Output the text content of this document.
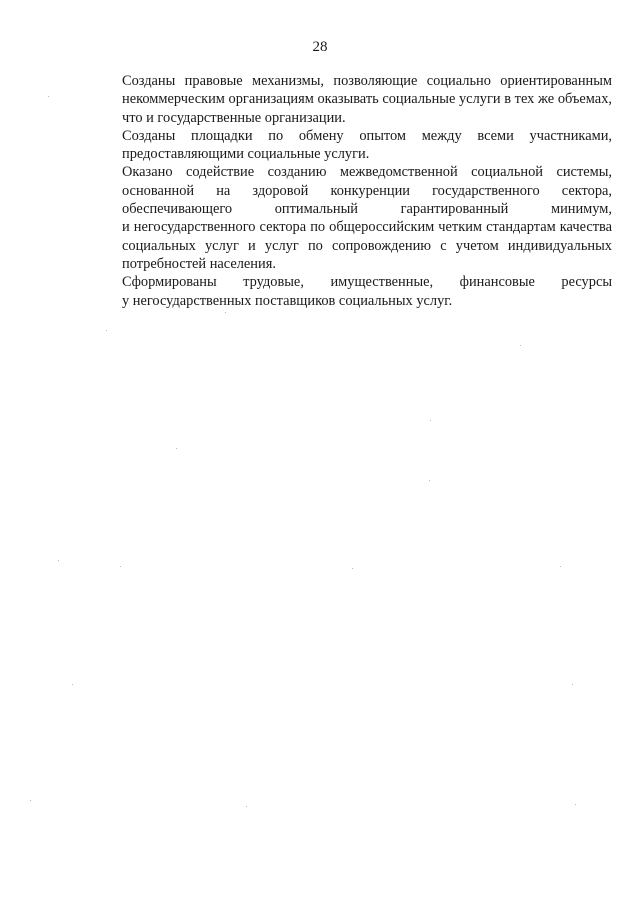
28
Созданы правовые механизмы, позволяющие социально ориентированным
некоммерческим организациям оказывать социальные услуги в тех же объемах,
что и государственные организации.
Созданы площадки по обмену опытом между всеми участниками,
предоставляющими социальные услуги.
Оказано содействие созданию межведомственной социальной системы,
основанной на здоровой конкуренции государственного сектора,
обеспечивающего оптимальный гарантированный минимум,
и негосударственного сектора по общероссийским четким стандартам качества
социальных услуг и услуг по сопровождению с учетом индивидуальных
потребностей населения.
Сформированы трудовые, имущественные, финансовые ресурсы
у негосударственных поставщиков социальных услуг.
